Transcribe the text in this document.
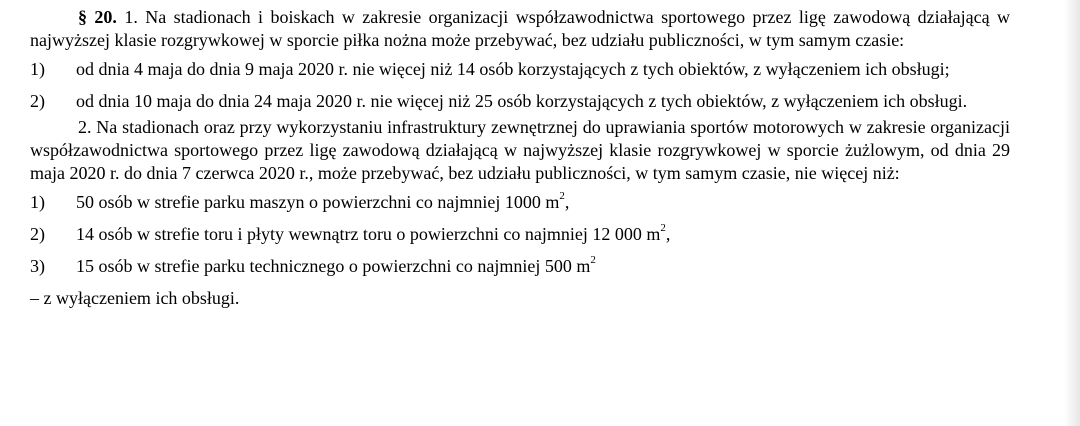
§ 20. 1. Na stadionach i boiskach w zakresie organizacji współzawodnictwa sportowego przez ligę zawodową działającą w najwyższej klasie rozgrywkowej w sporcie piłka nożna może przebywać, bez udziału publiczności, w tym samym czasie:

1)	od dnia 4 maja do dnia 9 maja 2020 r. nie więcej niż 14 osób korzystających z tych obiektów, z wyłączeniem ich obsługi;
2)	od dnia 10 maja do dnia 24 maja 2020 r. nie więcej niż 25 osób korzystających z tych obiektów, z wyłączeniem ich obsługi.

2. Na stadionach oraz przy wykorzystaniu infrastruktury zewnętrznej do uprawiania sportów motorowych w zakresie organizacji współzawodnictwa sportowego przez ligę zawodową działającą w najwyższej klasie rozgrywkowej w sporcie żużlowym, od dnia 29 maja 2020 r. do dnia 7 czerwca 2020 r., może przebywać, bez udziału publiczności, w tym samym czasie, nie więcej niż:

1)	50 osób w strefie parku maszyn o powierzchni co najmniej 1000 $m^2$,
2)	14 osób w strefie toru i płyty wewnątrz toru o powierzchni co najmniej 12 000 $m^2$,
3)	15 osób w strefie parku technicznego o powierzchni co najmniej 500 $m^2$

– z wyłączeniem ich obsługi.
